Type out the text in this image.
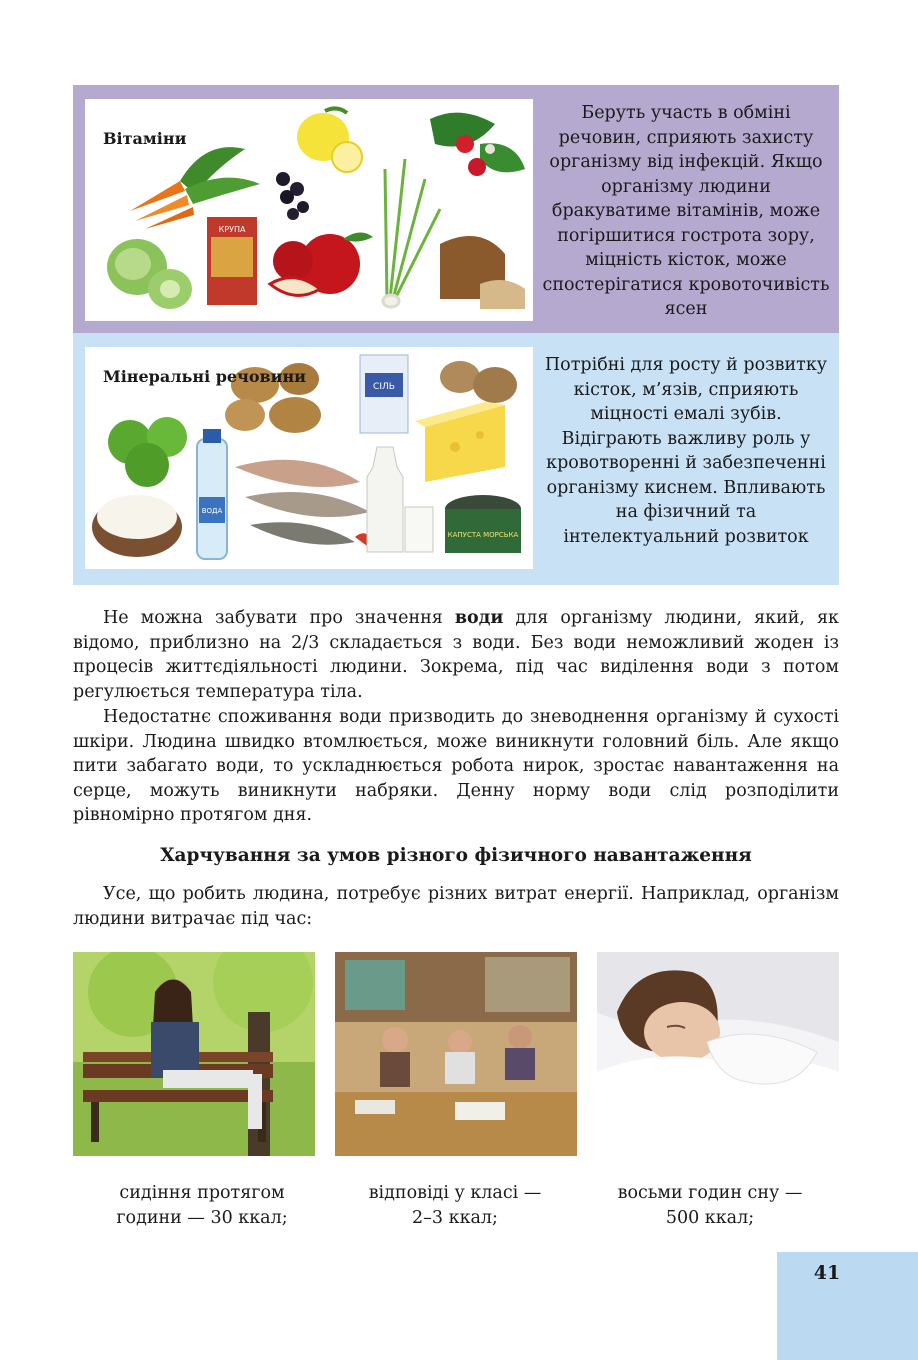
Вітаміни
КРУПА
Беруть участь в обміні речовин, сприяють захисту організму від інфекцій. Якщо організму людини бракуватиме вітамінів, може погіршитися гострота зору, міцність кісток, може спостерігатися кровоточивість ясен
Мінеральні речовини
ВОДА
СІЛЬ
КАПУСТА МОРСЬКА
Потрібні для росту й розвитку кісток, м’язів, сприяють міцності емалі зубів. Відіграють важливу роль у кровотворенні й забезпеченні організму киснем. Впливають на фізичний та інтелектуальний розвиток

Не можна забувати про значення води для організму людини, який, як відомо, приблизно на 2/3 складається з води. Без води неможливий жоден із процесів життєдіяльності людини. Зокрема, під час виділення води з потом регулюється температура тіла.

Недостатнє споживання води призводить до зневоднення організму й сухості шкіри. Людина швидко втомлюється, може виникнути головний біль. Але якщо пити забагато води, то ускладнюється робота нирок, зростає навантаження на серце, можуть виникнути набряки. Денну норму води слід розподілити рівномірно протягом дня.

Харчування за умов різного фізичного навантаження

Усе, що робить людина, потребує різних витрат енергії. Наприклад, організм людини витрачає під час:

сидіння протягом
години — 30 ккал;
відповіді у класі —
2–3 ккал;
восьми годин сну —
500 ккал;
41
